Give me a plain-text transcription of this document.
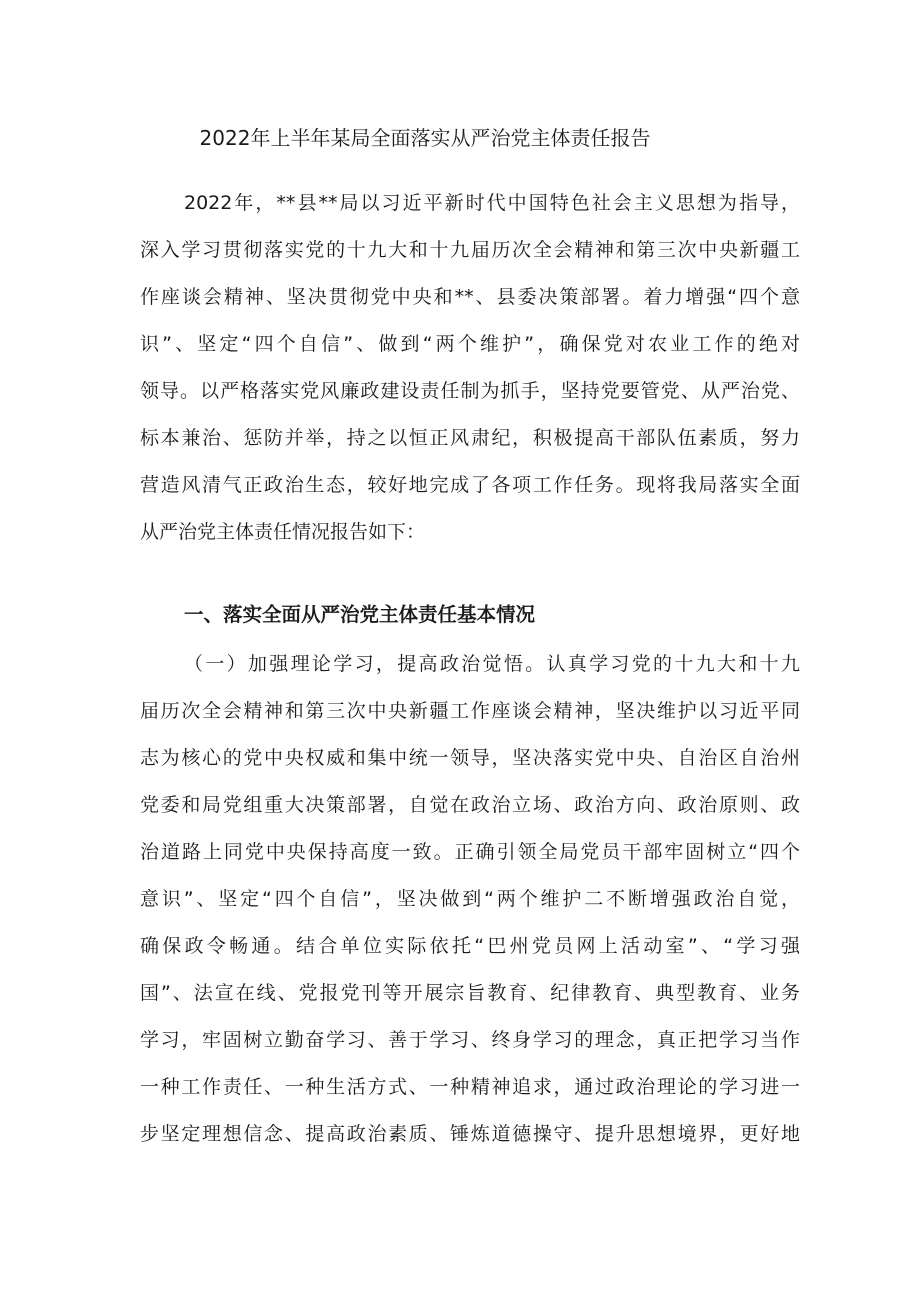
2022年上半年某局全面落实从严治党主体责任报告
2022年，**县**局以习近平新时代中国特色社会主义思想为指导，
深入学习贯彻落实党的十九大和十九届历次全会精神和第三次中央新疆工
作座谈会精神、坚决贯彻党中央和**、县委决策部署。着力增强“四个意
识”、坚定“四个自信”、做到“两个维护”，确保党对农业工作的绝对
领导。以严格落实党风廉政建设责任制为抓手，坚持党要管党、从严治党、
标本兼治、惩防并举，持之以恒正风肃纪，积极提高干部队伍素质，努力
营造风清气正政治生态，较好地完成了各项工作任务。现将我局落实全面
从严治党主体责任情况报告如下：
一、落实全面从严治党主体责任基本情况
（一）加强理论学习，提高政治觉悟。认真学习党的十九大和十九
届历次全会精神和第三次中央新疆工作座谈会精神，坚决维护以习近平同
志为核心的党中央权威和集中统一领导，坚决落实党中央、自治区自治州
党委和局党组重大决策部署，自觉在政治立场、政治方向、政治原则、政
治道路上同党中央保持高度一致。正确引领全局党员干部牢固树立“四个
意识”、坚定“四个自信”，坚决做到“两个维护二不断增强政治自觉，
确保政令畅通。结合单位实际依托“巴州党员网上活动室”、“学习强
国”、法宣在线、党报党刊等开展宗旨教育、纪律教育、典型教育、业务
学习，牢固树立勤奋学习、善于学习、终身学习的理念，真正把学习当作
一种工作责任、一种生活方式、一种精神追求，通过政治理论的学习进一
步坚定理想信念、提高政治素质、锤炼道德操守、提升思想境界，更好地
